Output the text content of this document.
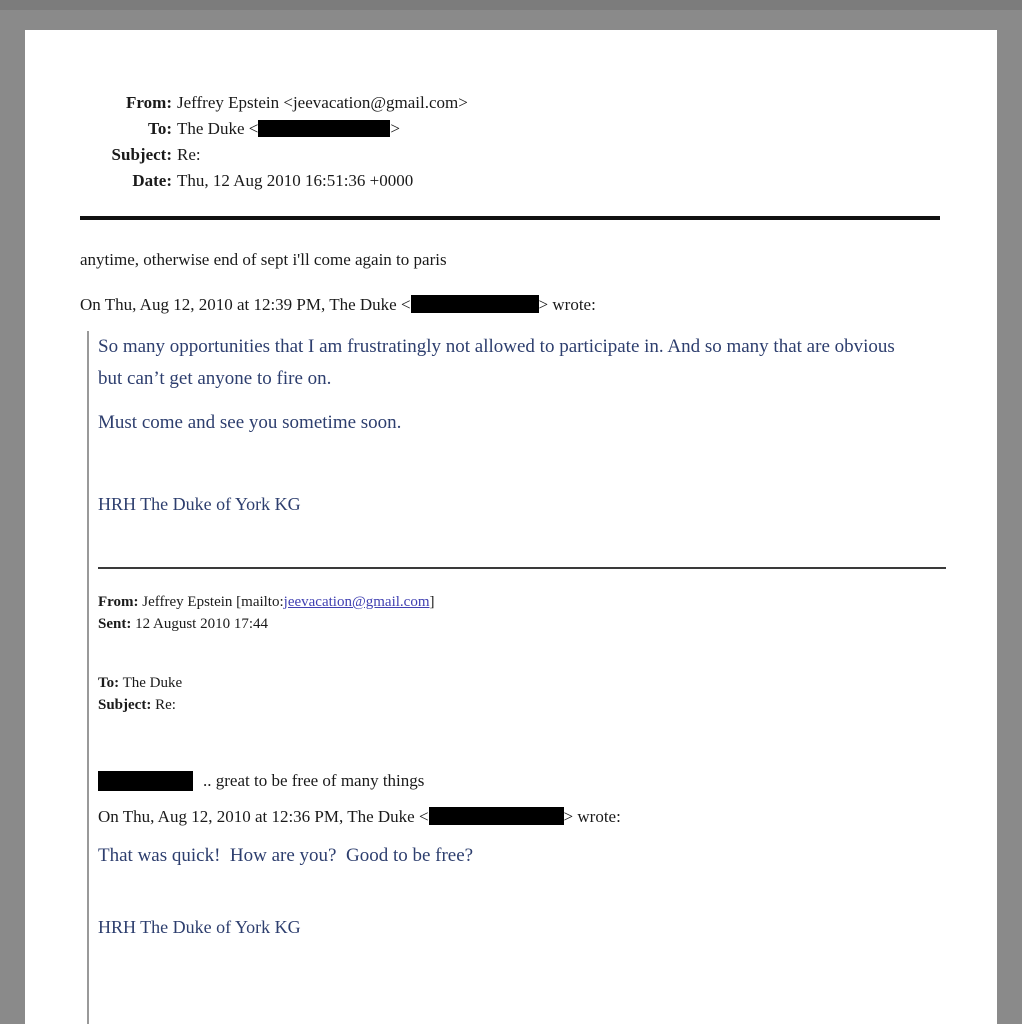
From: Jeffrey Epstein <jeevacation@gmail.com>
To: The Duke <	>
Subject: Re:
Date: Thu, 12 Aug 2010 16:51:36 +0000
anytime, otherwise end of sept i'll come again to paris
On Thu, Aug 12, 2010 at 12:39 PM, The Duke <	> wrote:
So many opportunities that I am frustratingly not allowed to participate in. And so many that are obvious but can’t get anyone to fire on.
Must come and see you sometime soon.
HRH The Duke of York KG
From: Jeffrey Epstein [mailto:jeevacation@gmail.com]
Sent: 12 August 2010 17:44
To: The Duke
Subject: Re:
.. great to be free of many things
On Thu, Aug 12, 2010 at 12:36 PM, The Duke <	> wrote:
That was quick!  How are you?  Good to be free?
HRH The Duke of York KG
